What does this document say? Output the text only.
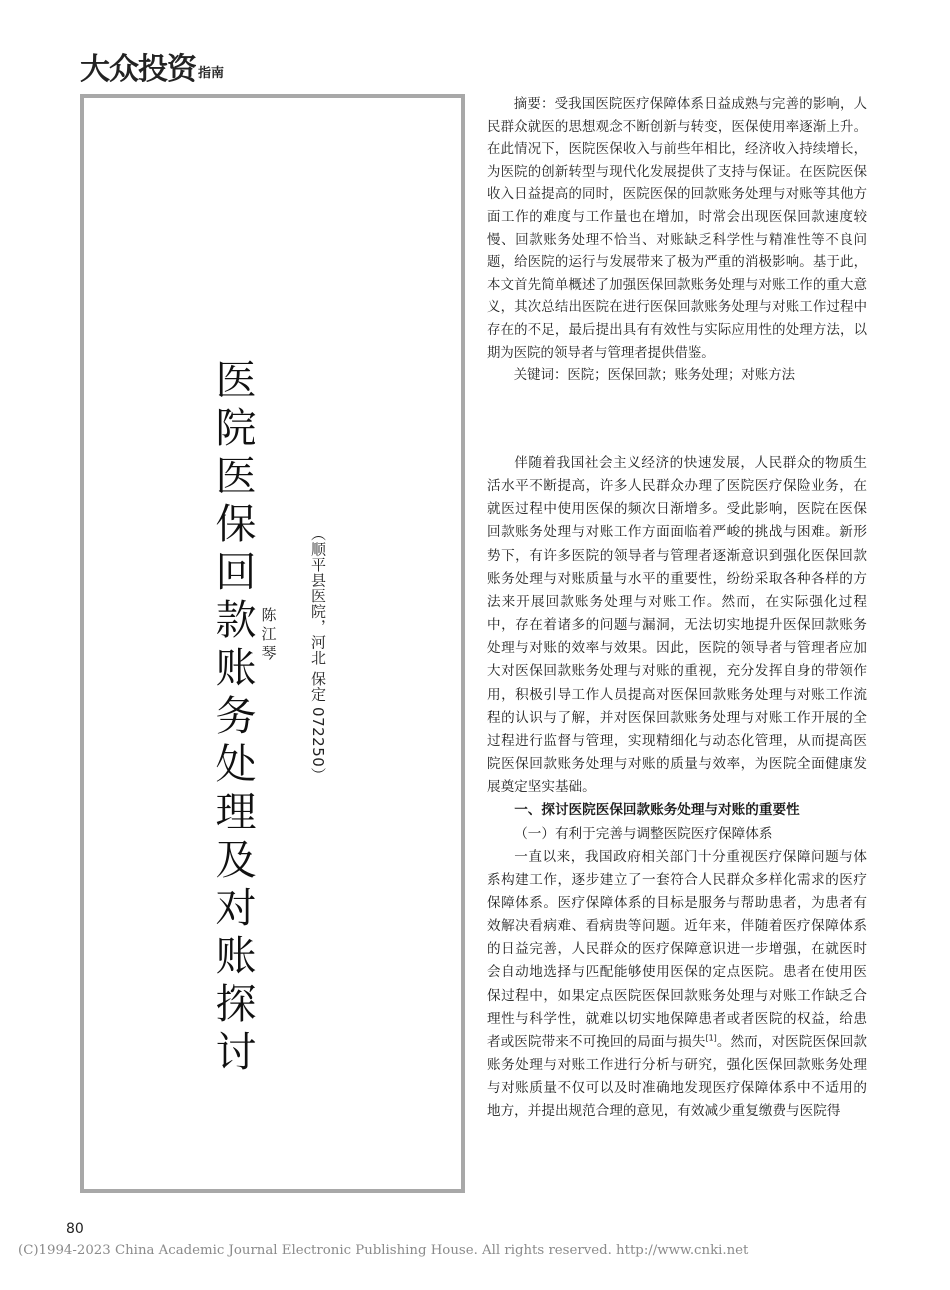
大众投资 指南
医院医保回款账务处理及对账探讨
陈江琴 （顺平县医院，河北 保定 072250）

摘要：受我国医院医疗保障体系日益成熟与完善的影响，人民群众就医的思想观念不断创新与转变，医保使用率逐渐上升。在此情况下，医院医保收入与前些年相比，经济收入持续增长，为医院的创新转型与现代化发展提供了支持与保证。在医院医保收入日益提高的同时，医院医保的回款账务处理与对账等其他方面工作的难度与工作量也在增加，时常会出现医保回款速度较慢、回款账务处理不恰当、对账缺乏科学性与精准性等不良问题，给医院的运行与发展带来了极为严重的消极影响。基于此，本文首先简单概述了加强医保回款账务处理与对账工作的重大意义，其次总结出医院在进行医保回款账务处理与对账工作过程中存在的不足，最后提出具有有效性与实际应用性的处理方法，以期为医院的领导者与管理者提供借鉴。

关键词：医院；医保回款；账务处理；对账方法

伴随着我国社会主义经济的快速发展，人民群众的物质生活水平不断提高，许多人民群众办理了医院医疗保险业务，在就医过程中使用医保的频次日渐增多。受此影响，医院在医保回款账务处理与对账工作方面面临着严峻的挑战与困难。新形势下，有许多医院的领导者与管理者逐渐意识到强化医保回款账务处理与对账质量与水平的重要性，纷纷采取各种各样的方法来开展回款账务处理与对账工作。然而，在实际强化过程中，存在着诸多的问题与漏洞，无法切实地提升医保回款账务处理与对账的效率与效果。因此，医院的领导者与管理者应加大对医保回款账务处理与对账的重视，充分发挥自身的带领作用，积极引导工作人员提高对医保回款账务处理与对账工作流程的认识与了解，并对医保回款账务处理与对账工作开展的全过程进行监督与管理，实现精细化与动态化管理，从而提高医院医保回款账务处理与对账的质量与效率，为医院全面健康发展奠定坚实基础。

一、探讨医院医保回款账务处理与对账的重要性

（一）有利于完善与调整医院医疗保障体系

一直以来，我国政府相关部门十分重视医疗保障问题与体系构建工作，逐步建立了一套符合人民群众多样化需求的医疗保障体系。医疗保障体系的目标是服务与帮助患者，为患者有效解决看病难、看病贵等问题。近年来，伴随着医疗保障体系的日益完善，人民群众的医疗保障意识进一步增强，在就医时会自动地选择与匹配能够使用医保的定点医院。患者在使用医保过程中，如果定点医院医保回款账务处理与对账工作缺乏合理性与科学性，就难以切实地保障患者或者医院的权益，给患者或医院带来不可挽回的局面与损失[1]。然而，对医院医保回款账务处理与对账工作进行分析与研究，强化医保回款账务处理与对账质量不仅可以及时准确地发现医疗保障体系中不适用的地方，并提出规范合理的意见，有效减少重复缴费与医院得

80
(C)1994-2023 China Academic Journal Electronic Publishing House. All rights reserved. http://www.cnki.net
